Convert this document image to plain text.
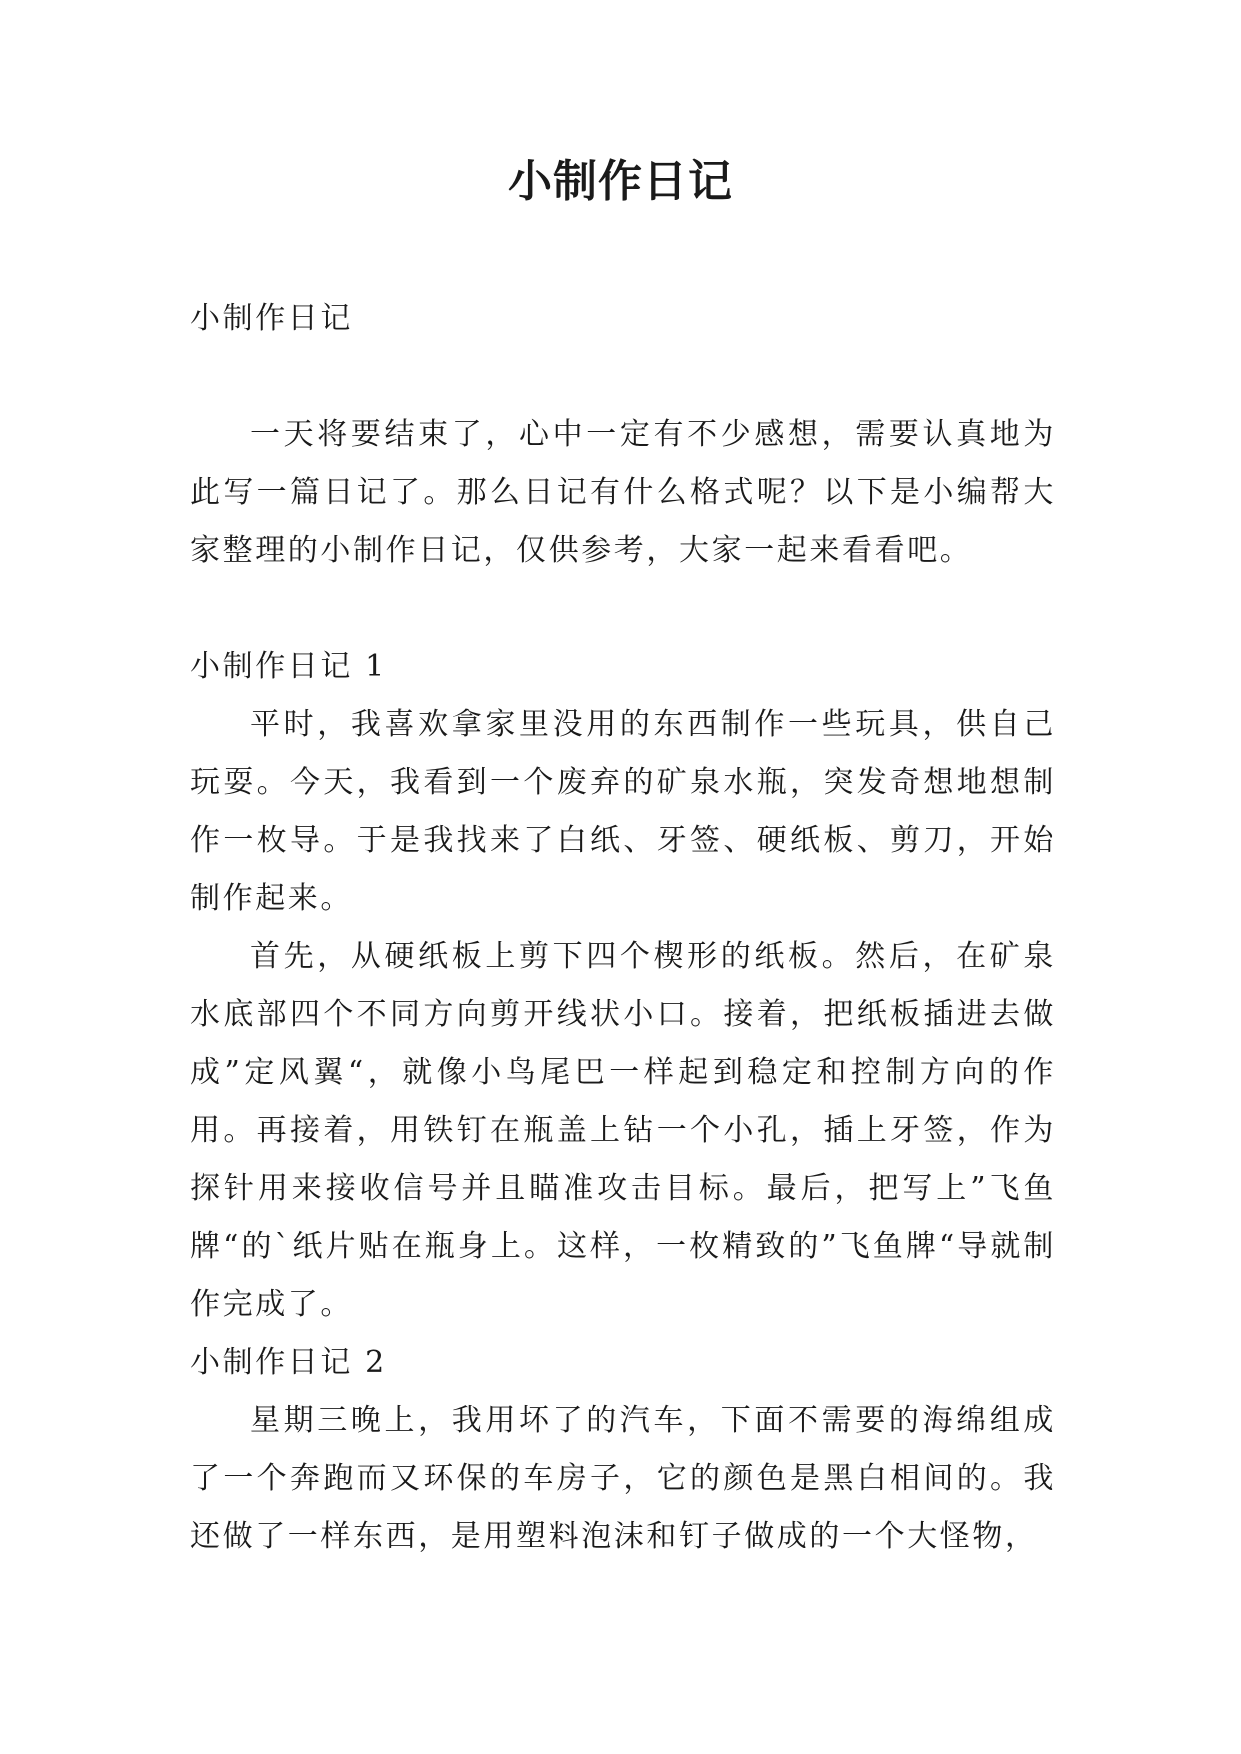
小制作日记

小制作日记

一天将要结束了，心中一定有不少感想，需要认真地为此写一篇日记了。那么日记有什么格式呢？以下是小编帮大家整理的小制作日记，仅供参考，大家一起来看看吧。

小制作日记 1

平时，我喜欢拿家里没用的东西制作一些玩具，供自己玩耍。今天，我看到一个废弃的矿泉水瓶，突发奇想地想制作一枚导。于是我找来了白纸、牙签、硬纸板、剪刀，开始制作起来。

首先，从硬纸板上剪下四个楔形的纸板。然后，在矿泉水底部四个不同方向剪开线状小口。接着，把纸板插进去做成”定风翼“，就像小鸟尾巴一样起到稳定和控制方向的作用。再接着，用铁钉在瓶盖上钻一个小孔，插上牙签，作为探针用来接收信号并且瞄准攻击目标。最后，把写上”飞鱼牌“的`纸片贴在瓶身上。这样，一枚精致的”飞鱼牌“导就制作完成了。

小制作日记 2

星期三晚上，我用坏了的汽车，下面不需要的海绵组成了一个奔跑而又环保的车房子，它的颜色是黑白相间的。我还做了一样东西，是用塑料泡沫和钉子做成的一个大怪物，
